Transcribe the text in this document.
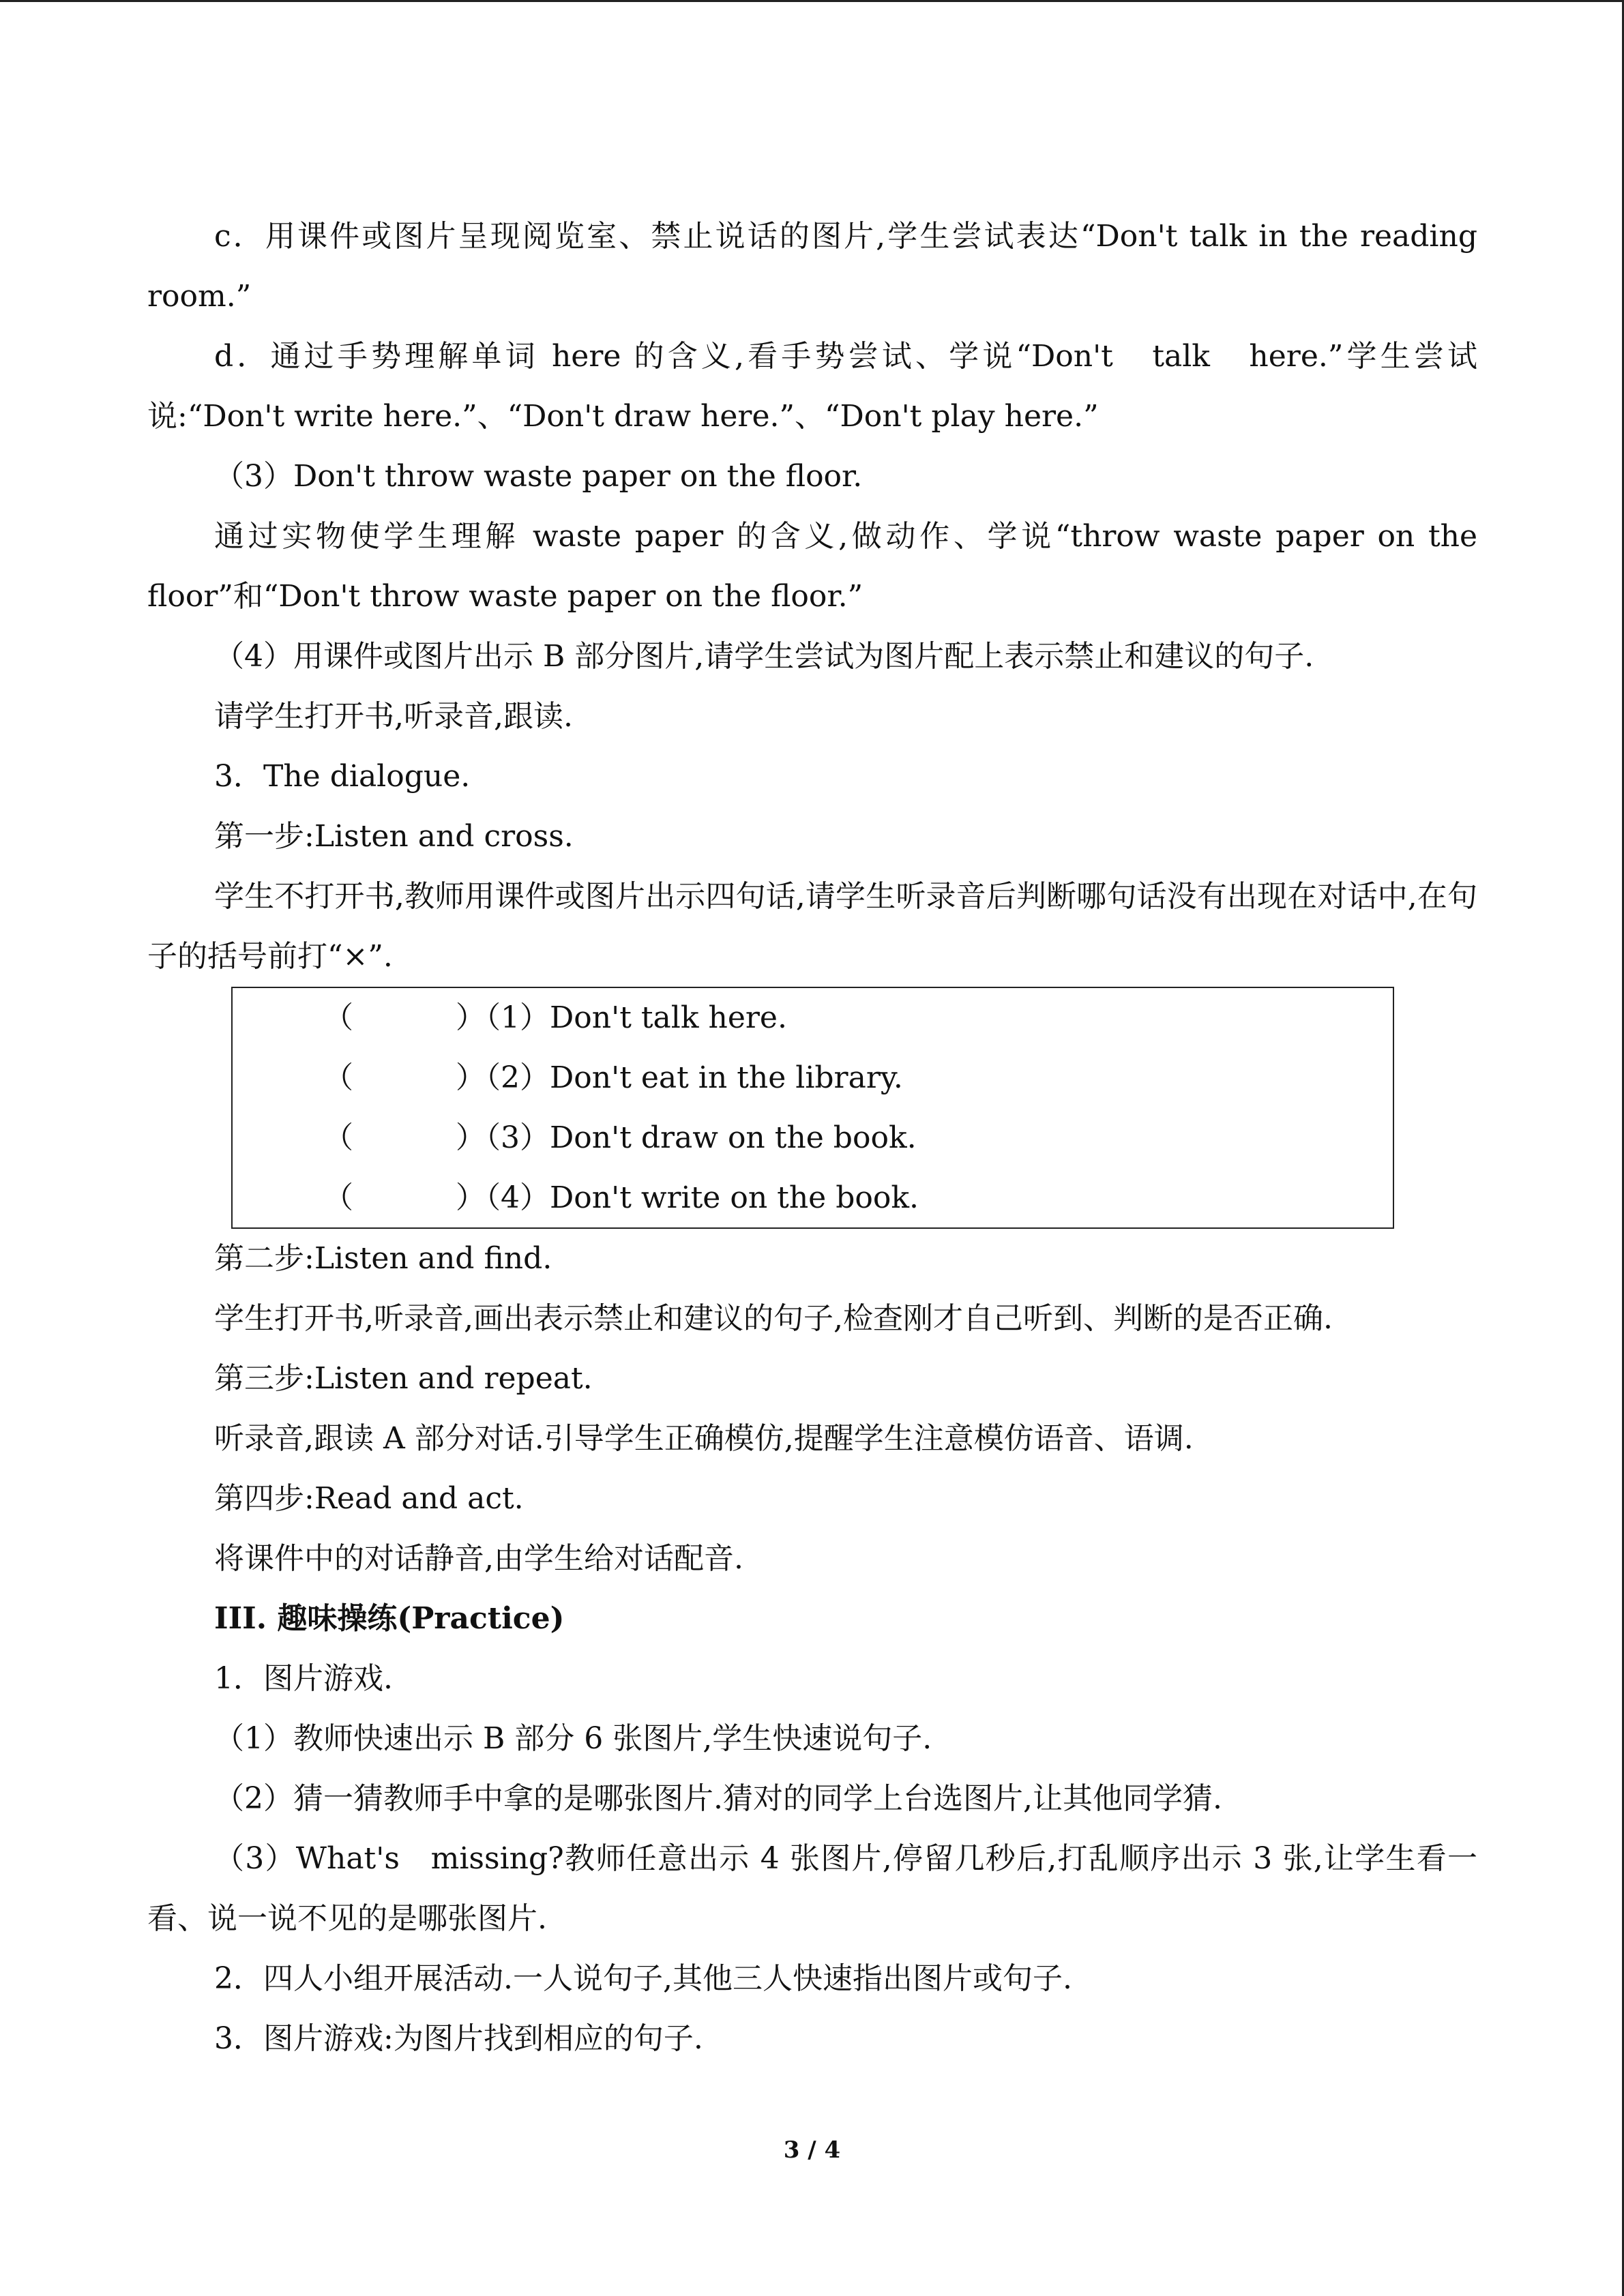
c．用课件或图片呈现阅览室、禁止说话的图片,学生尝试表达“Don't talk in the reading room.”

d．通过手势理解单词 here 的含义,看手势尝试、学说“Don't   talk   here.”学生尝试说:“Don't write here.”、“Don't draw here.”、“Don't play here.”

（3）Don't throw waste paper on the floor.

通过实物使学生理解 waste paper 的含义,做动作、学说“throw waste paper on the floor”和“Don't throw waste paper on the floor.”

（4）用课件或图片出示 B 部分图片,请学生尝试为图片配上表示禁止和建议的句子.

请学生打开书,听录音,跟读.

3．The dialogue.

第一步:Listen and cross.

学生不打开书,教师用课件或图片出示四句话,请学生听录音后判断哪句话没有出现在对话中,在句子的括号前打“×”.

（	）（1）Don't talk here.
（	）（2）Don't eat in the library.
（	）（3）Don't draw on the book.
（	）（4）Don't write on the book.

第二步:Listen and find.

学生打开书,听录音,画出表示禁止和建议的句子,检查刚才自己听到、判断的是否正确.

第三步:Listen and repeat.

听录音,跟读 A 部分对话.引导学生正确模仿,提醒学生注意模仿语音、语调.

第四步:Read and act.

将课件中的对话静音,由学生给对话配音.

III. 趣味操练(Practice)

1．图片游戏.

（1）教师快速出示 B 部分 6 张图片,学生快速说句子.

（2）猜一猜教师手中拿的是哪张图片.猜对的同学上台选图片,让其他同学猜.

（3）What's   missing?教师任意出示 4 张图片,停留几秒后,打乱顺序出示 3 张,让学生看一看、说一说不见的是哪张图片.

2．四人小组开展活动.一人说句子,其他三人快速指出图片或句子.

3．图片游戏:为图片找到相应的句子.

3 / 4
